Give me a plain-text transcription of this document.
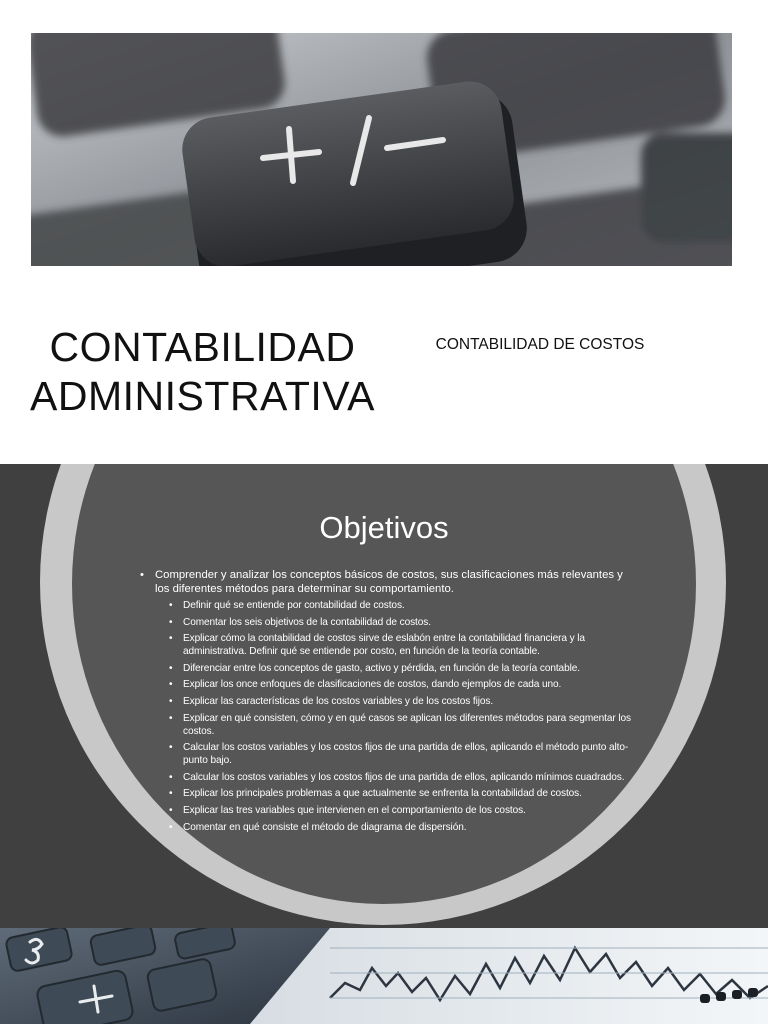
CONTABILIDAD
ADMINISTRATIVA
CONTABILIDAD DE COSTOS
Objetivos
• Comprender y analizar los conceptos básicos de costos, sus clasificaciones más relevantes y los diferentes métodos para determinar su comportamiento.
• Definir qué se entiende por contabilidad de costos.
• Comentar los seis objetivos de la contabilidad de costos.
• Explicar cómo la contabilidad de costos sirve de eslabón entre la contabilidad financiera y la administrativa. Definir qué se entiende por costo, en función de la teoría contable.
• Diferenciar entre los conceptos de gasto, activo y pérdida, en función de la teoría contable.
• Explicar los once enfoques de clasificaciones de costos, dando ejemplos de cada uno.
• Explicar las características de los costos variables y de los costos fijos.
• Explicar en qué consisten, cómo y en qué casos se aplican los diferentes métodos para segmentar los costos.
• Calcular los costos variables y los costos fijos de una partida de ellos, aplicando el método punto alto-punto bajo.
• Calcular los costos variables y los costos fijos de una partida de ellos, aplicando mínimos cuadrados.
• Explicar los principales problemas a que actualmente se enfrenta la contabilidad de costos.
• Explicar las tres variables que intervienen en el comportamiento de los costos.
• Comentar en qué consiste el método de diagrama de dispersión.
